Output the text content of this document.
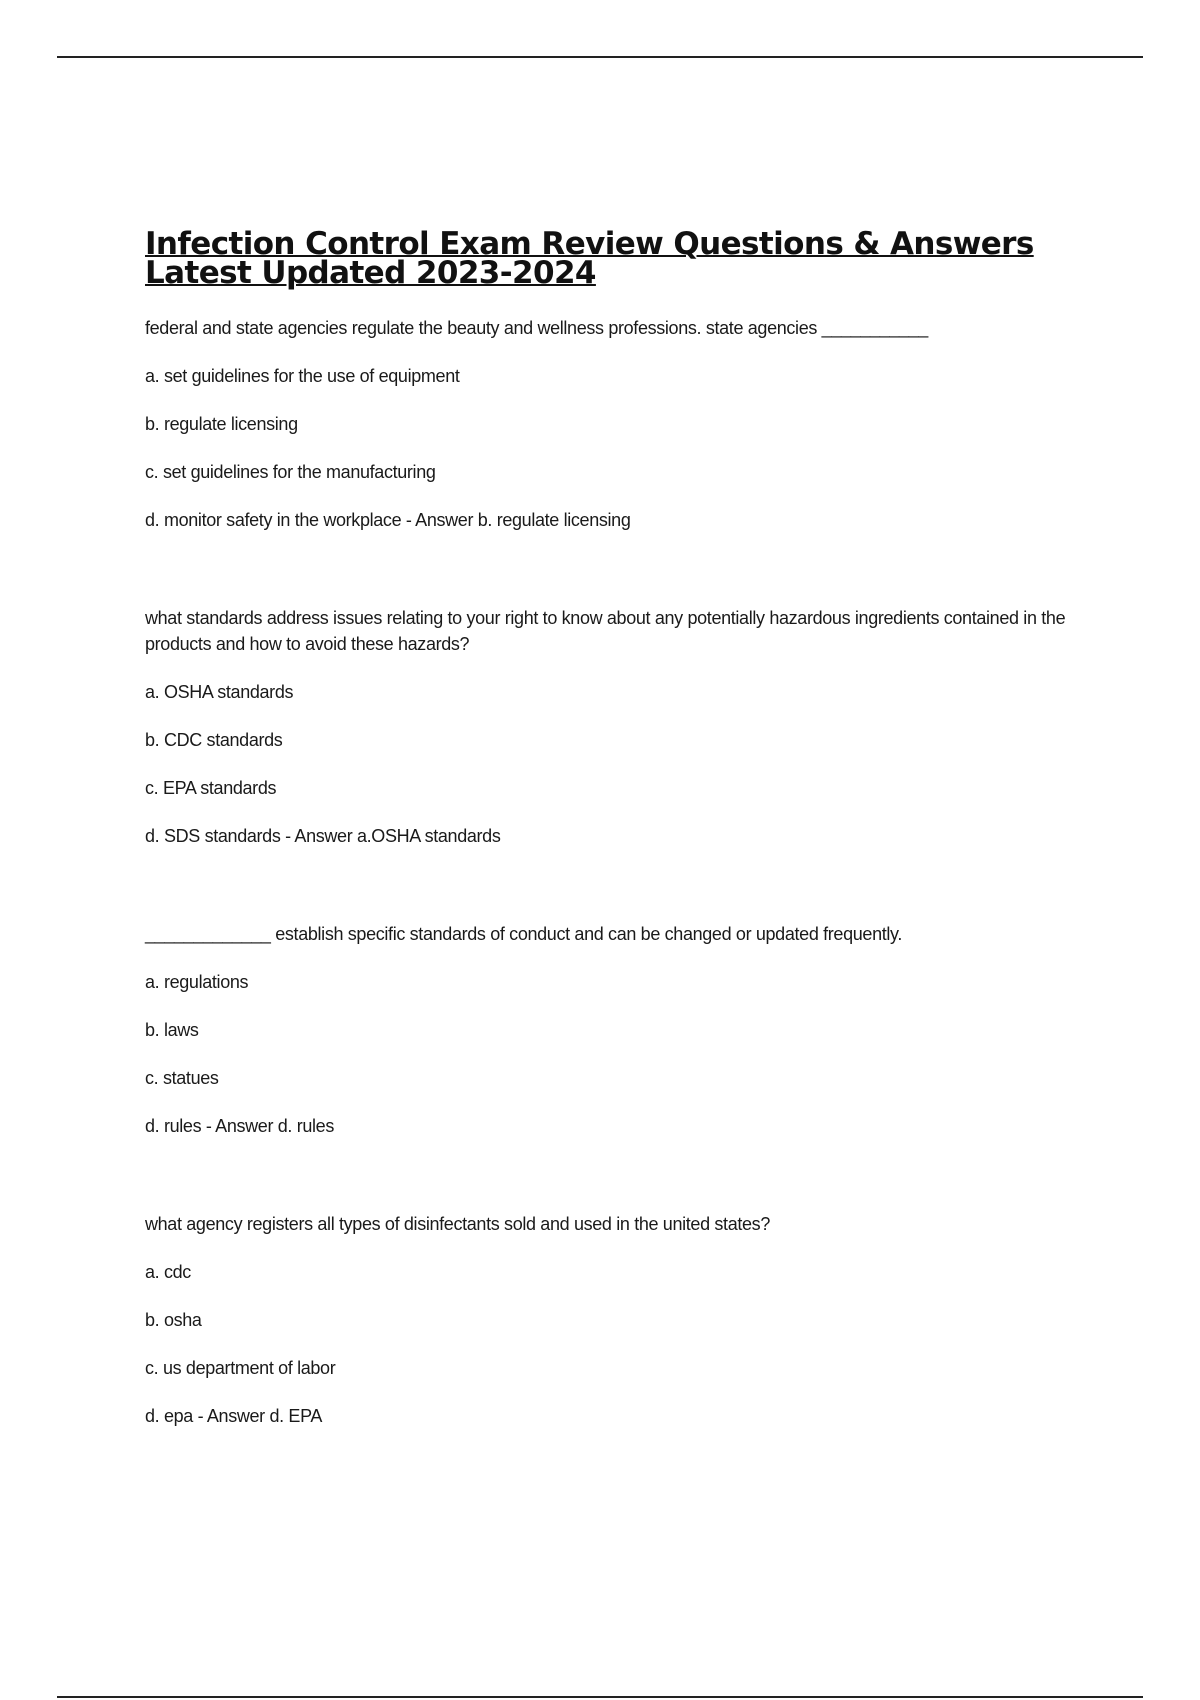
Infection Control Exam Review Questions & Answers
Latest Updated 2023-2024

federal and state agencies regulate the beauty and wellness professions. state agencies ___________

a. set guidelines for the use of equipment

b. regulate licensing

c. set guidelines for the manufacturing

d. monitor safety in the workplace - Answer b. regulate licensing

what standards address issues relating to your right to know about any potentially hazardous ingredients contained in the products and how to avoid these hazards?

a. OSHA standards

b. CDC standards

c. EPA standards

d. SDS standards - Answer a.OSHA standards

_____________ establish specific standards of conduct and can be changed or updated frequently.

a. regulations

b. laws

c. statues

d. rules - Answer d. rules

what agency registers all types of disinfectants sold and used in the united states?

a. cdc

b. osha

c. us department of labor

d. epa - Answer d. EPA
